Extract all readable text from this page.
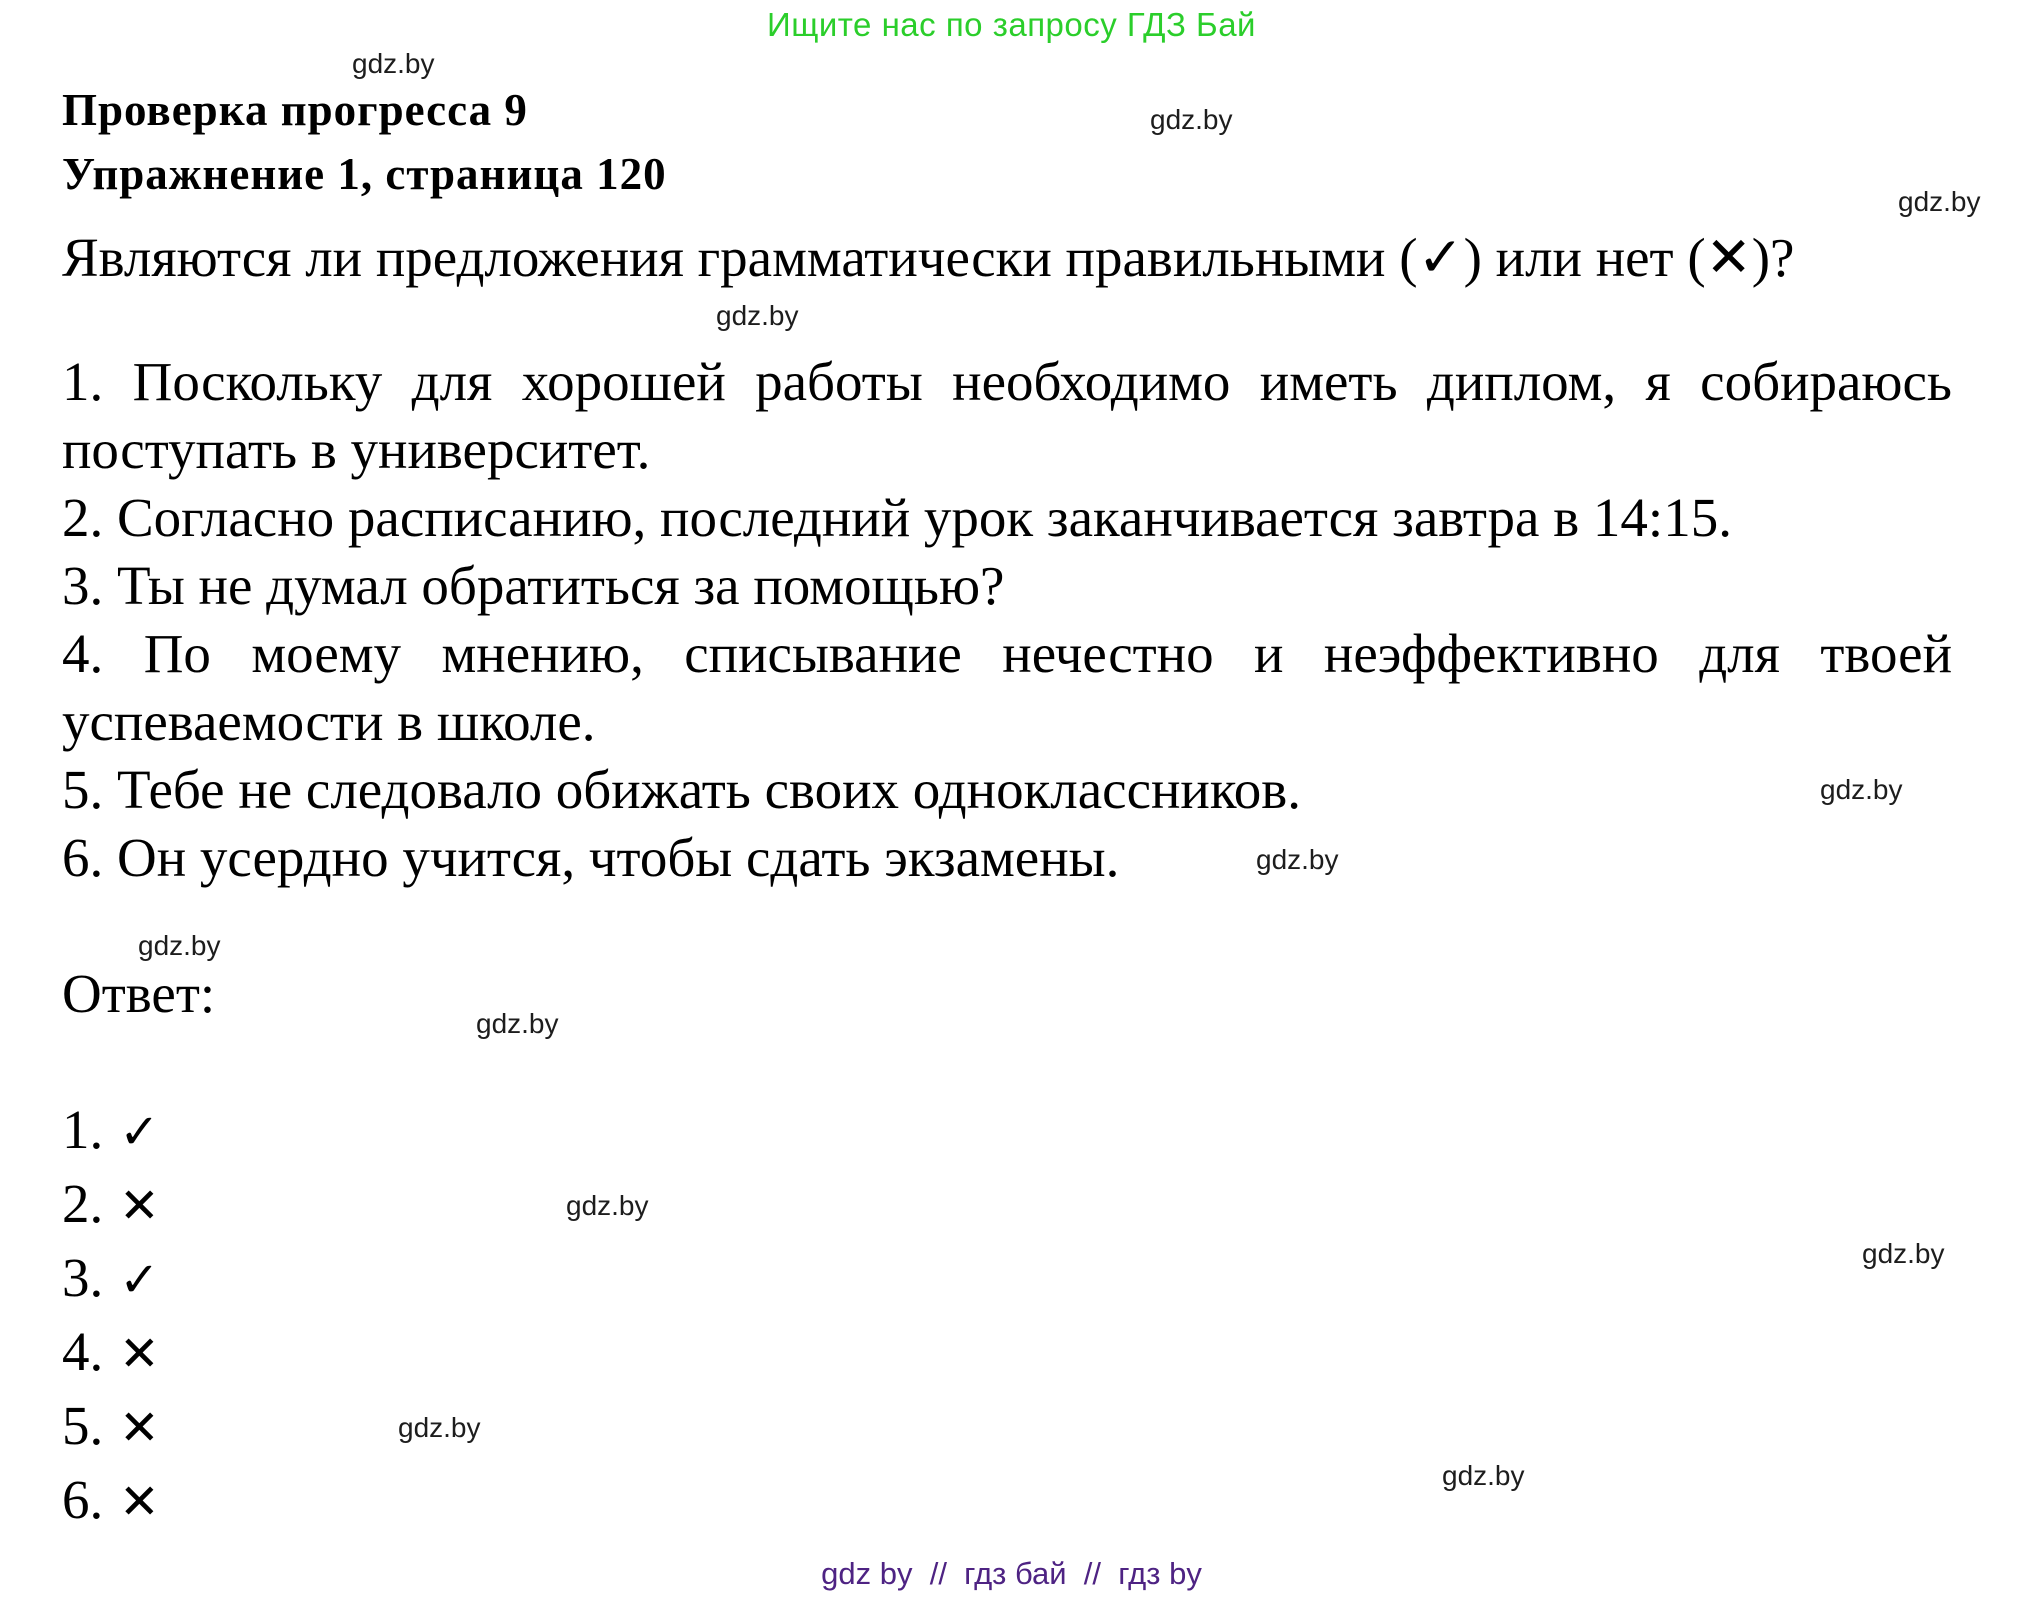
Ищите нас по запросу ГДЗ Бай
Проверка прогресса 9
Упражнение 1, страница 120
Являются ли предложения грамматически правильными (✓) или нет (✕)?
1. Поскольку для хорошей работы необходимо иметь диплом, я собираюсь поступать в университет.
2. Согласно расписанию, последний урок заканчивается завтра в 14:15.
3. Ты не думал обратиться за помощью?
4. По моему мнению, списывание нечестно и неэффективно для твоей успеваемости в школе.
5. Тебе не следовало обижать своих одноклассников.
6. Он усердно учится, чтобы сдать экзамены.
Ответ:
1. ✓
2. ✕
3. ✓
4. ✕
5. ✕
6. ✕
gdz.by
gdz.by
gdz.by
gdz.by
gdz.by
gdz.by
gdz.by
gdz.by
gdz.by
gdz.by
gdz.by
gdz.by
gdz by  //  гдз бай  //  гдз by
